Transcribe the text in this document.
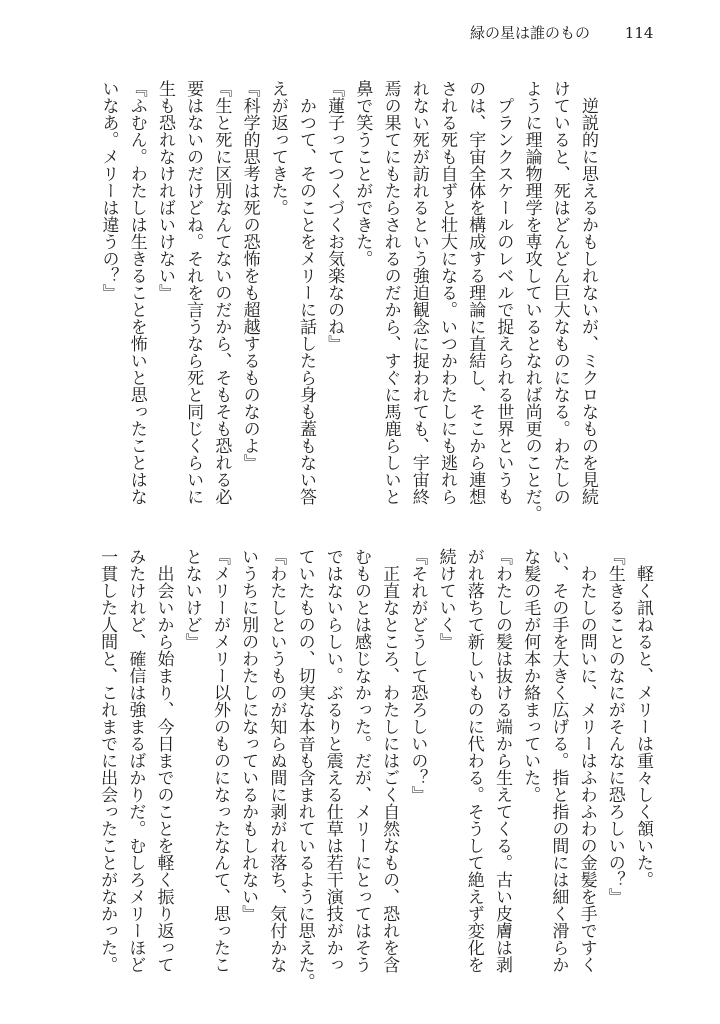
緑の星は誰のもの 114
逆説的に思えるかもしれないが、ミクロなものを見続
けていると、死はどんどん巨大なものになる。わたしの
ように理論物理学を専攻しているとなれば尚更のことだ。
プランクスケールのレベルで捉えられる世界というも
のは、宇宙全体を構成する理論に直結し、そこから連想
される死も自ずと壮大になる。いつかわたしにも逃れら
れない死が訪れるという強迫観念に捉われても、宇宙終
焉の果てにもたらされるのだから、すぐに馬鹿らしいと
鼻で笑うことができた。
『蓮子ってつくづくお気楽なのね』
かつて、そのことをメリーに話したら身も蓋もない答
えが返ってきた。
『科学的思考は死の恐怖をも超越するものなのよ』
『生と死に区別なんてないのだから、そもそも恐れる必
要はないのだけどね。それを言うなら死と同じくらいに
生も恐れなければいけない』
『ふむん。わたしは生きることを怖いと思ったことはな
いなあ。メリーは違うの？』
軽く訊ねると、メリーは重々しく頷いた。
『生きることのなにがそんなに恐ろしいの？』
わたしの問いに、メリーはふわふわの金髪を手ですく
い、その手を大きく広げる。指と指の間には細く滑らか
な髪の毛が何本か絡まっていた。
『わたしの髪は抜ける端から生えてくる。古い皮膚は剥
がれ落ちて新しいものに代わる。そうして絶えず変化を
続けていく』
『それがどうして恐ろしいの？』
正直なところ、わたしにはごく自然なもの、恐れを含
むものとは感じなかった。だが、メリーにとってはそう
ではないらしい。ぶるりと震える仕草は若干演技がかっ
ていたものの、切実な本音も含まれているように思えた。
『わたしというものが知らぬ間に剥がれ落ち、気付かな
いうちに別のわたしになっているかもしれない』
『メリーがメリー以外のものになったなんて、思ったこ
とないけど』
出会いから始まり、今日までのことを軽く振り返って
みたけれど、確信は強まるばかりだ。むしろメリーほど
一貫した人間と、これまでに出会ったことがなかった。
